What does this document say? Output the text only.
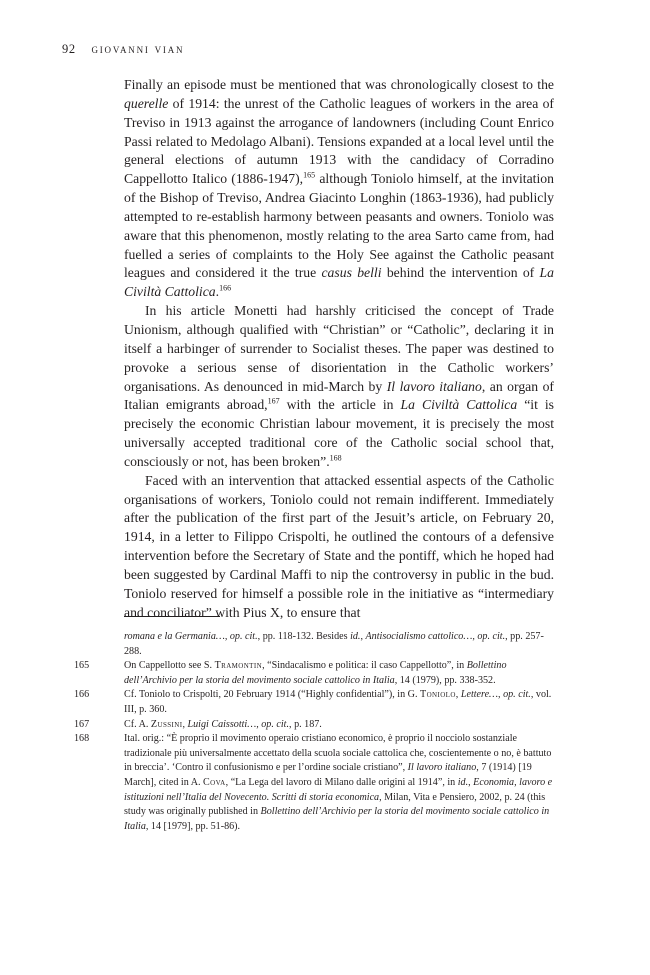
92 giovanni vian

Finally an episode must be mentioned that was chronologically closest to the querelle of 1914: the unrest of the Catholic leagues of workers in the area of Treviso in 1913 against the arrogance of landowners (including Count Enrico Passi related to Medolago Albani). Tensions expanded at a local level until the general elections of autumn 1913 with the candidacy of Corradino Cappellotto Italico (1886-1947),$^{165}$ although Toniolo himself, at the invitation of the Bishop of Treviso, Andrea Giacinto Longhin (1863-1936), had publicly attempted to re-establish harmony between peasants and owners. Toniolo was aware that this phenomenon, mostly relating to the area Sarto came from, had fuelled a series of complaints to the Holy See against the Catholic peasant leagues and considered it the true casus belli behind the intervention of La Civiltà Cattolica.$^{166}$

In his article Monetti had harshly criticised the concept of Trade Unionism, although qualified with “Christian” or “Catholic”, declaring it in itself a harbinger of surrender to Socialist theses. The paper was destined to provoke a serious sense of disorientation in the Catholic workers’ organisations. As denounced in mid-March by Il lavoro italiano, an organ of Italian emigrants abroad,$^{167}$ with the article in La Civiltà Cattolica “it is precisely the economic Christian labour movement, it is precisely the most universally accepted traditional core of the Catholic social school that, consciously or not, has been broken”.$^{168}$

Faced with an intervention that attacked essential aspects of the Catholic organisations of workers, Toniolo could not remain indifferent. Immediately after the publication of the first part of the Jesuit’s article, on February 20, 1914, in a letter to Filippo Crispolti, he outlined the contours of a defensive intervention before the Secretary of State and the pontiff, which he hoped had been suggested by Cardinal Maffi to nip the controversy in public in the bud. Toniolo reserved for himself a possible role in the initiative as “intermediary and conciliator” with Pius X, to ensure that

romana e la Germania…, op. cit., pp. 118-132. Besides id., Antisocialismo cattolico…, op. cit., pp. 257-288.
165	On Cappellotto see S. Tramontin, “Sindacalismo e politica: il caso Cappellotto”, in Bollettino dell’Archivio per la storia del movimento sociale cattolico in Italia, 14 (1979), pp. 338-352.
166	Cf. Toniolo to Crispolti, 20 February 1914 (“Highly confidential”), in G. Toniolo, Lettere…, op. cit., vol. III, p. 360.
167	Cf. A. Zussini, Luigi Caissotti…, op. cit., p. 187.
168	Ital. orig.: “È proprio il movimento operaio cristiano economico, è proprio il nocciolo sostanziale tradizionale più universalmente accettato della scuola sociale cattolica che, coscientemente o no, è battuto in breccia’. ‘Contro il confusionismo e per l’ordine sociale cristiano”, Il lavoro italiano, 7 (1914) [19 March], cited in A. Cova, “La Lega del lavoro di Milano dalle origini al 1914”, in id., Economia, lavoro e istituzioni nell’Italia del Novecento. Scritti di storia economica, Milan, Vita e Pensiero, 2002, p. 24 (this study was originally published in Bollettino dell’Archivio per la storia del movimento sociale cattolico in Italia, 14 [1979], pp. 51-86).
